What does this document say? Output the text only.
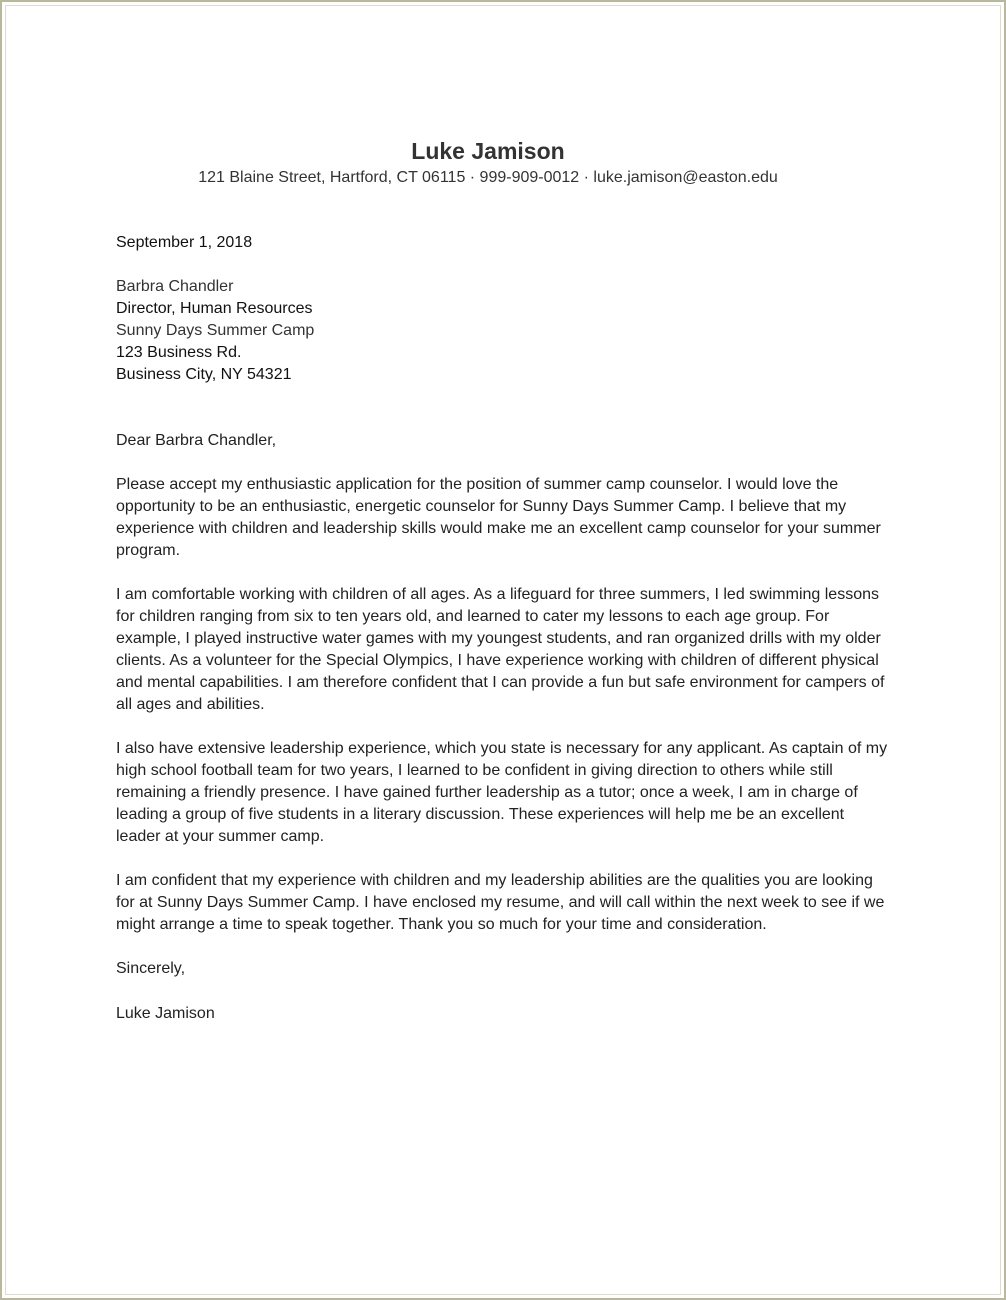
Luke Jamison
121 Blaine Street, Hartford, CT 06115 · 999-909-0012 · luke.jamison@easton.edu
September 1, 2018
Barbra Chandler
Director, Human Resources
Sunny Days Summer Camp
123 Business Rd.
Business City, NY 54321
Dear Barbra Chandler,
Please accept my enthusiastic application for the position of summer camp counselor. I would love the opportunity to be an enthusiastic, energetic counselor for Sunny Days Summer Camp. I believe that my experience with children and leadership skills would make me an excellent camp counselor for your summer program.
I am comfortable working with children of all ages. As a lifeguard for three summers, I led swimming lessons for children ranging from six to ten years old, and learned to cater my lessons to each age group. For example, I played instructive water games with my youngest students, and ran organized drills with my older clients. As a volunteer for the Special Olympics, I have experience working with children of different physical and mental capabilities. I am therefore confident that I can provide a fun but safe environment for campers of all ages and abilities.
I also have extensive leadership experience, which you state is necessary for any applicant. As captain of my high school football team for two years, I learned to be confident in giving direction to others while still remaining a friendly presence. I have gained further leadership as a tutor; once a week, I am in charge of leading a group of five students in a literary discussion. These experiences will help me be an excellent leader at your summer camp.
I am confident that my experience with children and my leadership abilities are the qualities you are looking for at Sunny Days Summer Camp. I have enclosed my resume, and will call within the next week to see if we might arrange a time to speak together. Thank you so much for your time and consideration.
Sincerely,
Luke Jamison
